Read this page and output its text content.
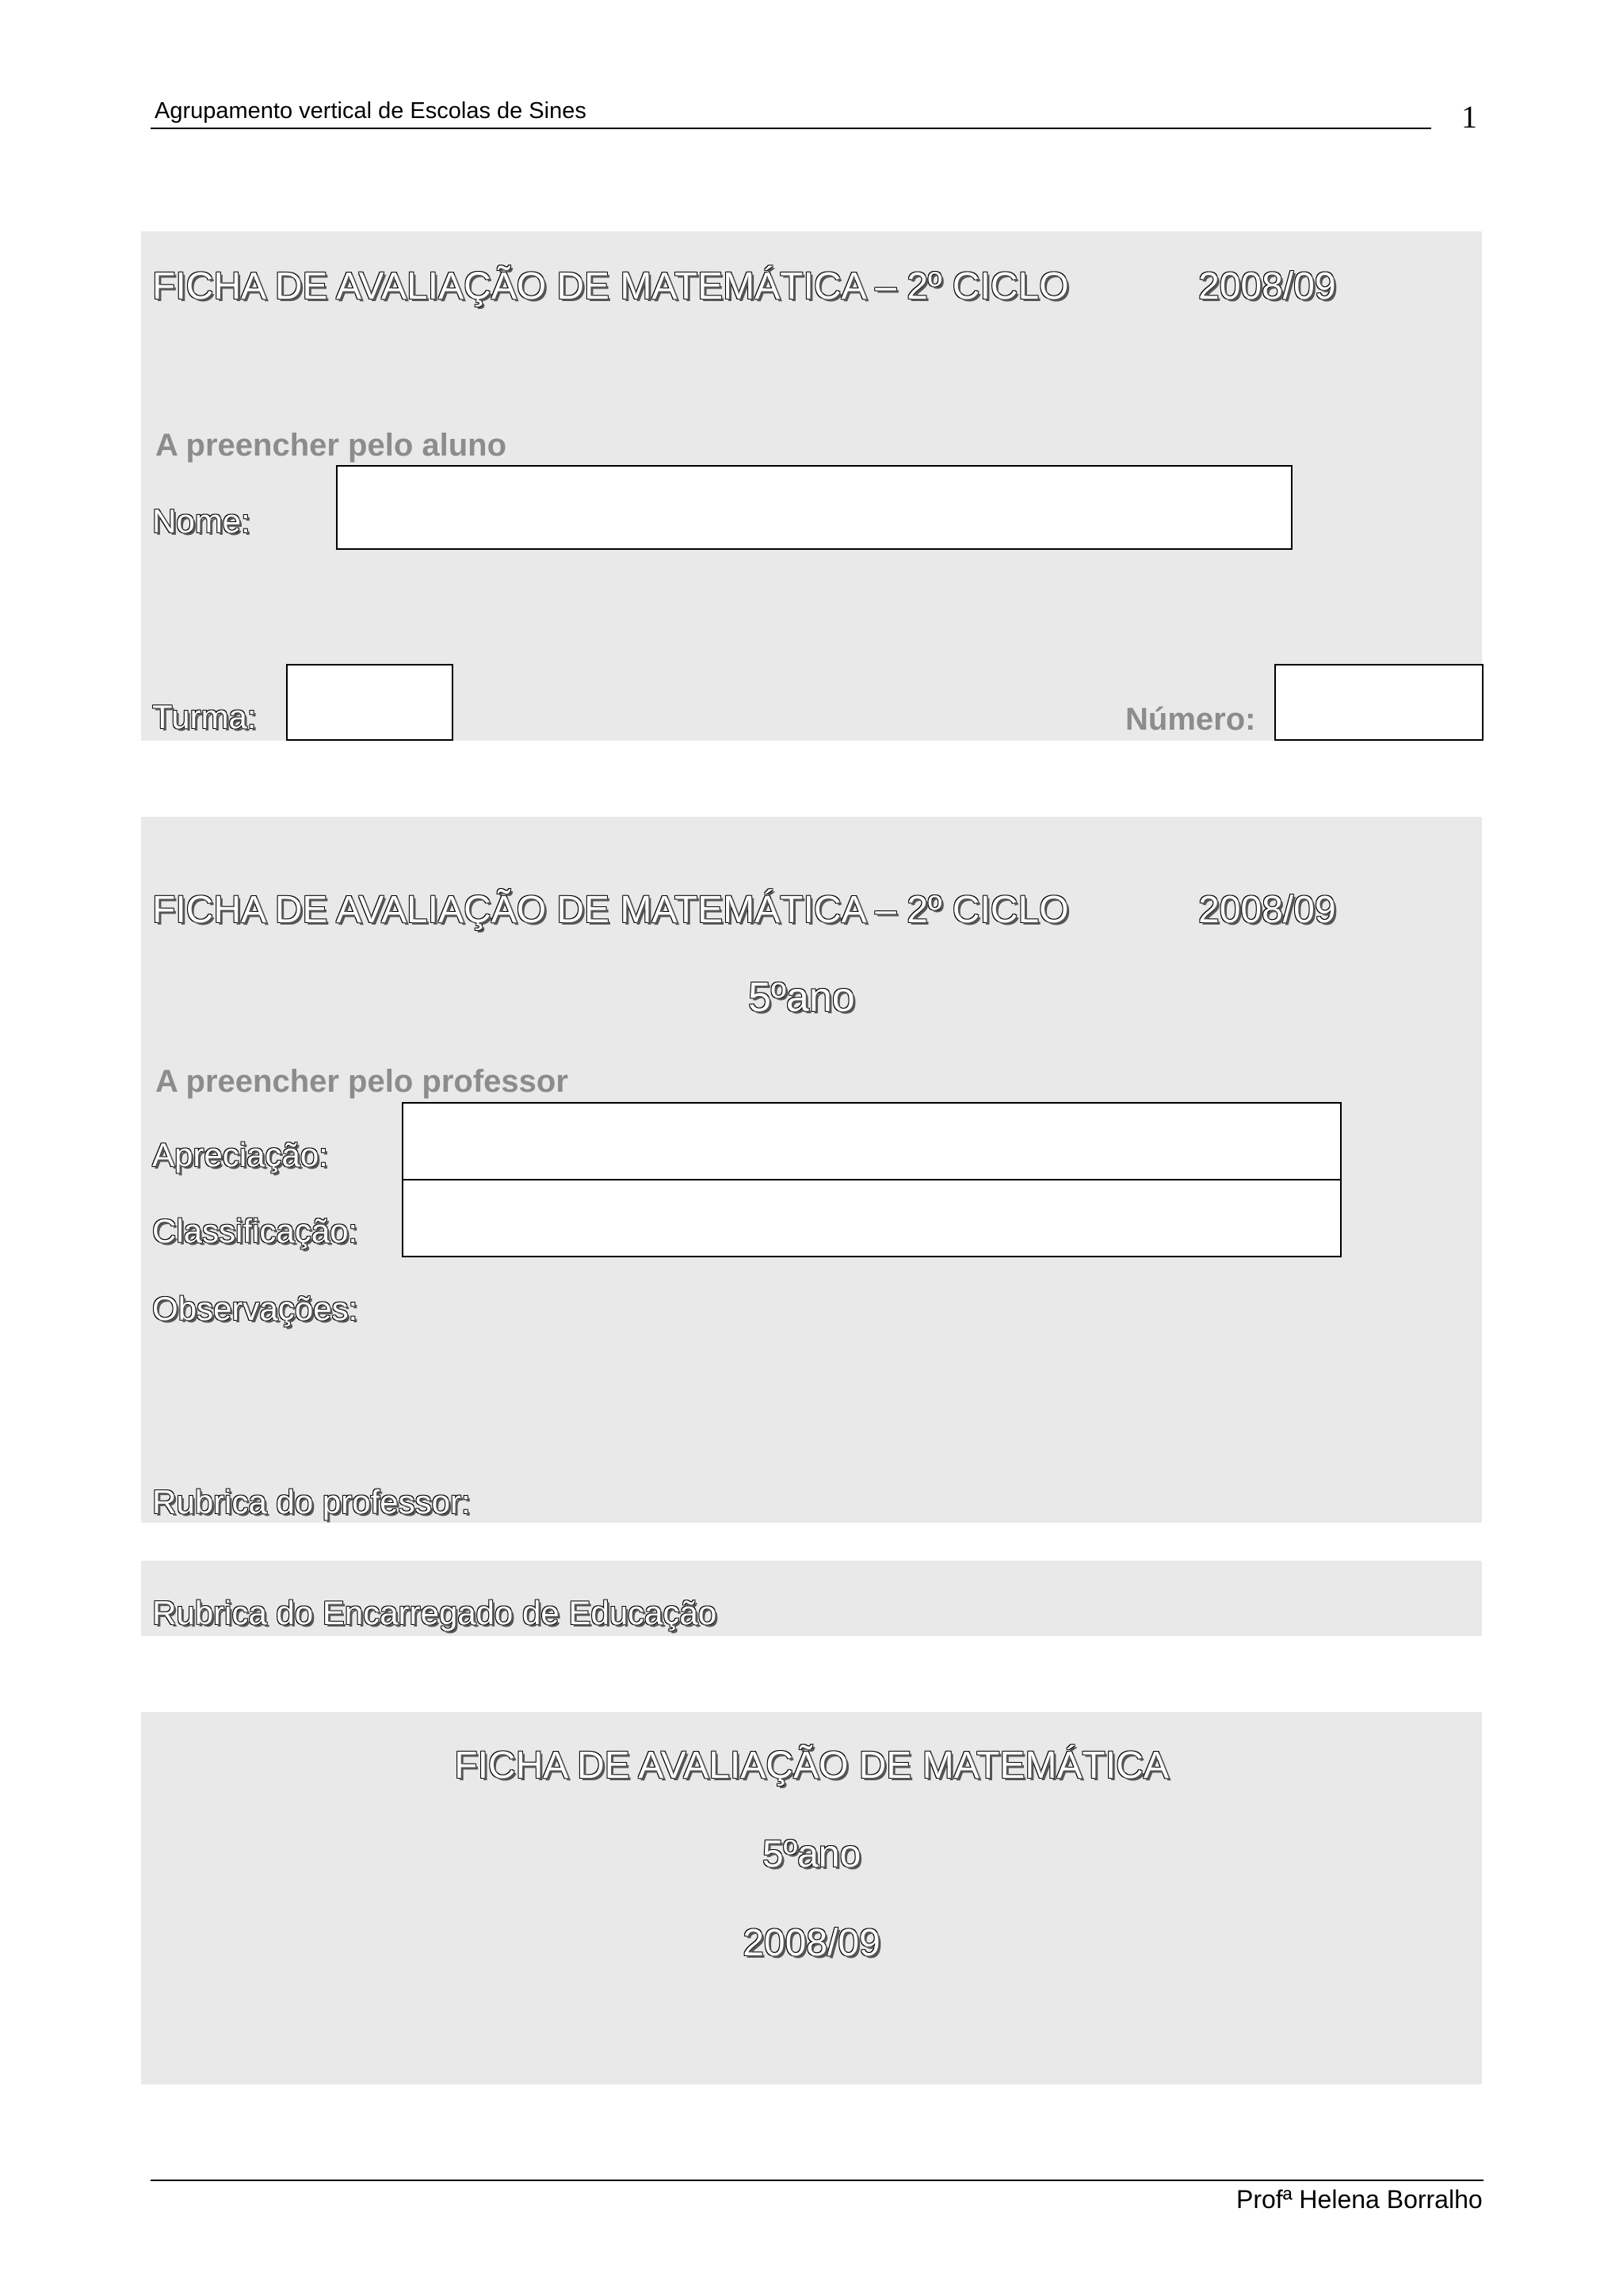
Agrupamento vertical de Escolas de Sines	1
FICHA DE AVALIAÇÃO DE MATEMÁTICA – 2º CICLO	2008/09
A preencher pelo aluno
Nome:
Turma:	Número:
FICHA DE AVALIAÇÃO DE MATEMÁTICA – 2º CICLO	2008/09
5ºano
A preencher pelo professor
Apreciação:
Classificação:
Observações:
Rubrica do professor:
Rubrica do Encarregado de Educação
FICHA DE AVALIAÇÃO DE MATEMÁTICA
5ºano
2008/09
Profª Helena Borralho
